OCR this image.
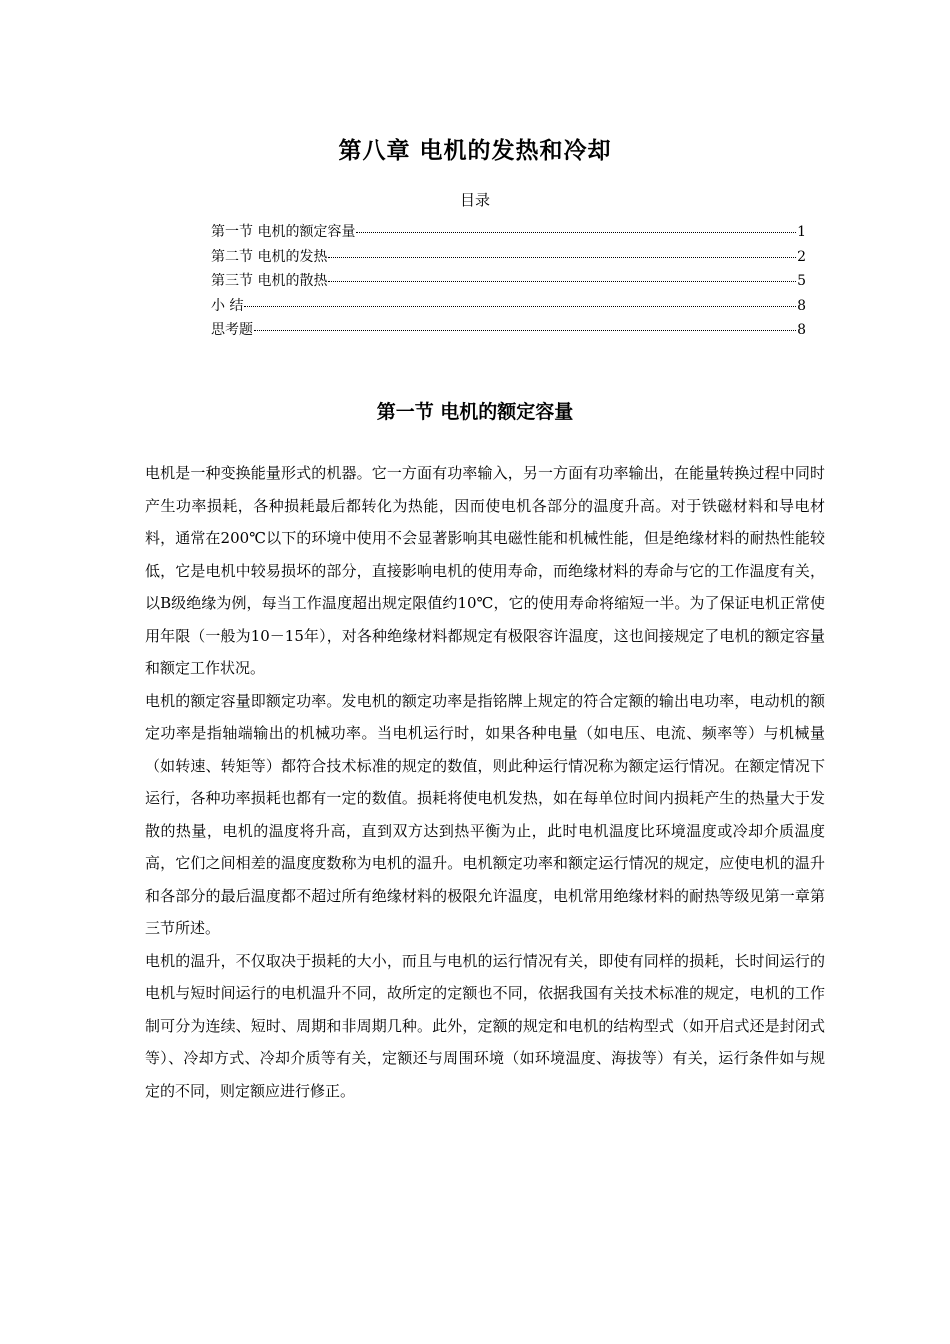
第八章 电机的发热和冷却
目录
第一节 电机的额定容量	1
第二节 电机的发热	2
第三节 电机的散热	5
小 结	8
思考题	8
第一节 电机的额定容量

电机是一种变换能量形式的机器。它一方面有功率输入，另一方面有功率输出，在能量转换过程中同时产生功率损耗，各种损耗最后都转化为热能，因而使电机各部分的温度升高。对于铁磁材料和导电材料，通常在200℃以下的环境中使用不会显著影响其电磁性能和机械性能，但是绝缘材料的耐热性能较低，它是电机中较易损坏的部分，直接影响电机的使用寿命，而绝缘材料的寿命与它的工作温度有关，以B级绝缘为例，每当工作温度超出规定限值约10℃，它的使用寿命将缩短一半。为了保证电机正常使用年限（一般为10－15年），对各种绝缘材料都规定有极限容许温度，这也间接规定了电机的额定容量和额定工作状况。

电机的额定容量即额定功率。发电机的额定功率是指铭牌上规定的符合定额的输出电功率，电动机的额定功率是指轴端输出的机械功率。当电机运行时，如果各种电量（如电压、电流、频率等）与机械量（如转速、转矩等）都符合技术标准的规定的数值，则此种运行情况称为额定运行情况。在额定情况下运行，各种功率损耗也都有一定的数值。损耗将使电机发热，如在每单位时间内损耗产生的热量大于发散的热量，电机的温度将升高，直到双方达到热平衡为止，此时电机温度比环境温度或冷却介质温度高，它们之间相差的温度度数称为电机的温升。电机额定功率和额定运行情况的规定，应使电机的温升和各部分的最后温度都不超过所有绝缘材料的极限允许温度，电机常用绝缘材料的耐热等级见第一章第三节所述。

电机的温升，不仅取决于损耗的大小，而且与电机的运行情况有关，即使有同样的损耗，长时间运行的电机与短时间运行的电机温升不同，故所定的定额也不同，依据我国有关技术标准的规定，电机的工作制可分为连续、短时、周期和非周期几种。此外，定额的规定和电机的结构型式（如开启式还是封闭式等）、冷却方式、冷却介质等有关，定额还与周围环境（如环境温度、海拔等）有关，运行条件如与规定的不同，则定额应进行修正。
